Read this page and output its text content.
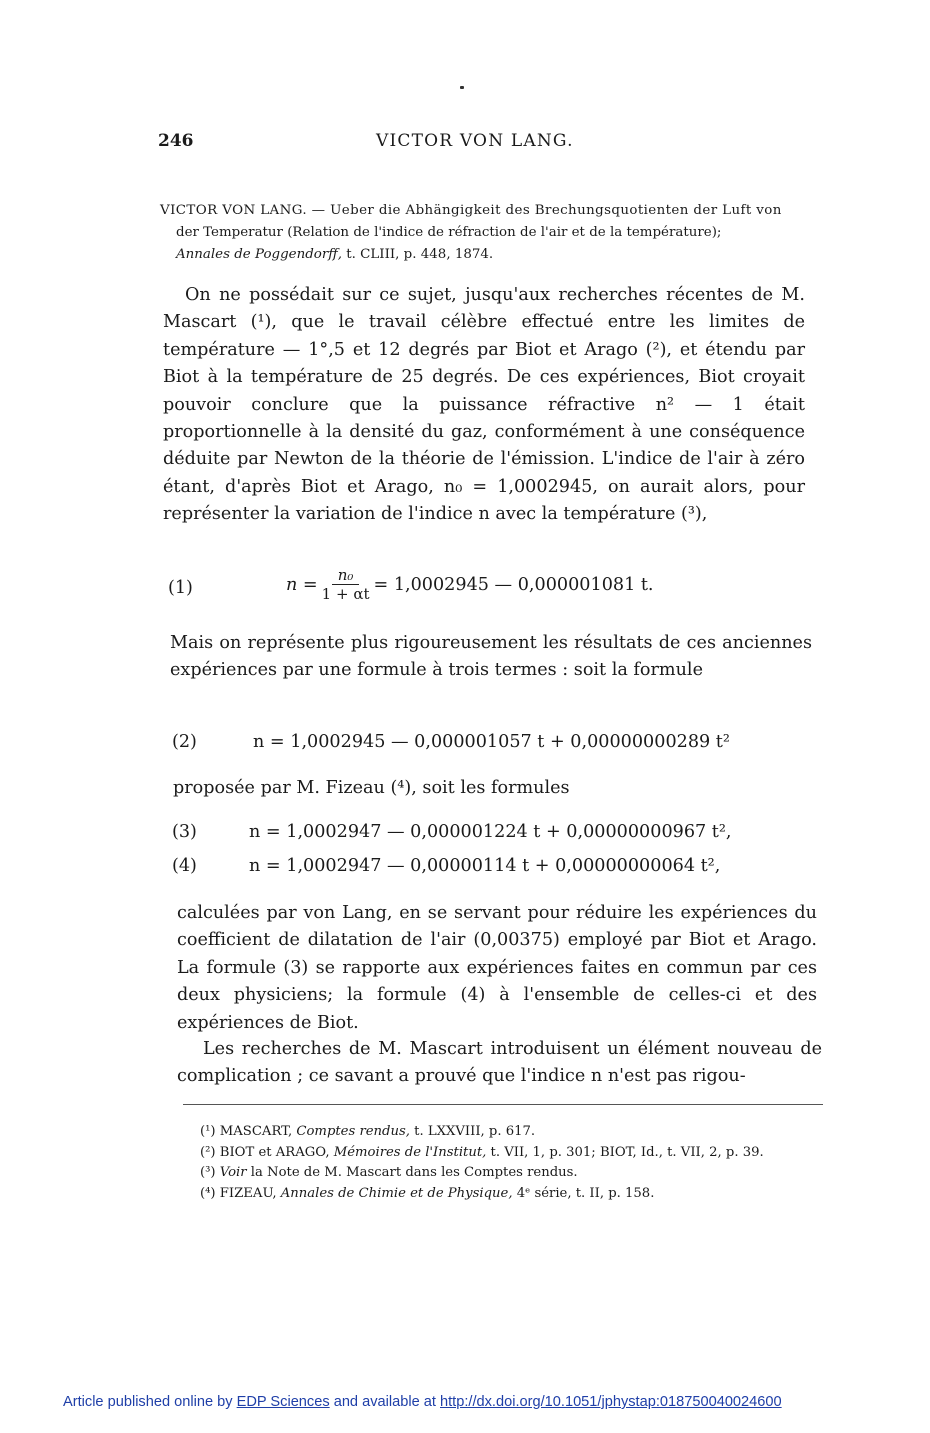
246	VICTOR VON LANG.
VICTOR VON LANG. — Ueber die Abhängigkeit des Brechungsquotienten der Luft von
der Temperatur (Relation de l'indice de réfraction de l'air et de la température);
Annales de Poggendorff, t. CLIII, p. 448, 1874.
On ne possédait sur ce sujet, jusqu'aux recherches récentes de M. Mascart (¹), que le travail célèbre effectué entre les limites de température — 1°,5 et 12 degrés par Biot et Arago (²), et étendu par Biot à la température de 25 degrés. De ces expériences, Biot croyait pouvoir conclure que la puissance réfractive n² — 1 était proportionnelle à la densité du gaz, conformément à une conséquence déduite par Newton de la théorie de l'émission. L'indice de l'air à zéro étant, d'après Biot et Arago, n₀ = 1,0002945, on aurait alors, pour représenter la variation de l'indice n avec la température (³),
(1)	$n = \frac{\text{n₀}}{1 + \alpha t} = 1,0002945$ — 0,000001081 t.
Mais on représente plus rigoureusement les résultats de ces anciennes expériences par une formule à trois termes : soit la formule
(2)	n = 1,0002945 — 0,000001057 t + 0,00000000289 t²
proposée par M. Fizeau (⁴), soit les formules
(3)	n = 1,0002947 — 0,000001224 t + 0,00000000967 t²,
(4)	n = 1,0002947 — 0,00000114 t + 0,00000000064 t²,
calculées par von Lang, en se servant pour réduire les expériences du coefficient de dilatation de l'air (0,00375) employé par Biot et Arago. La formule (3) se rapporte aux expériences faites en commun par ces deux physiciens; la formule (4) à l'ensemble de celles-ci et des expériences de Biot.
Les recherches de M. Mascart introduisent un élément nouveau de complication ; ce savant a prouvé que l'indice n n'est pas rigou-
(¹) MASCART, Comptes rendus, t. LXXVIII, p. 617.
(²) BIOT et ARAGO, Mémoires de l'Institut, t. VII, 1, p. 301; BIOT, Id., t. VII, 2, p. 39.
(³) Voir la Note de M. Mascart dans les Comptes rendus.
(⁴) FIZEAU, Annales de Chimie et de Physique, 4ᵉ série, t. II, p. 158.
Article published online by EDP Sciences and available at http://dx.doi.org/10.1051/jphystap:018750040024600
